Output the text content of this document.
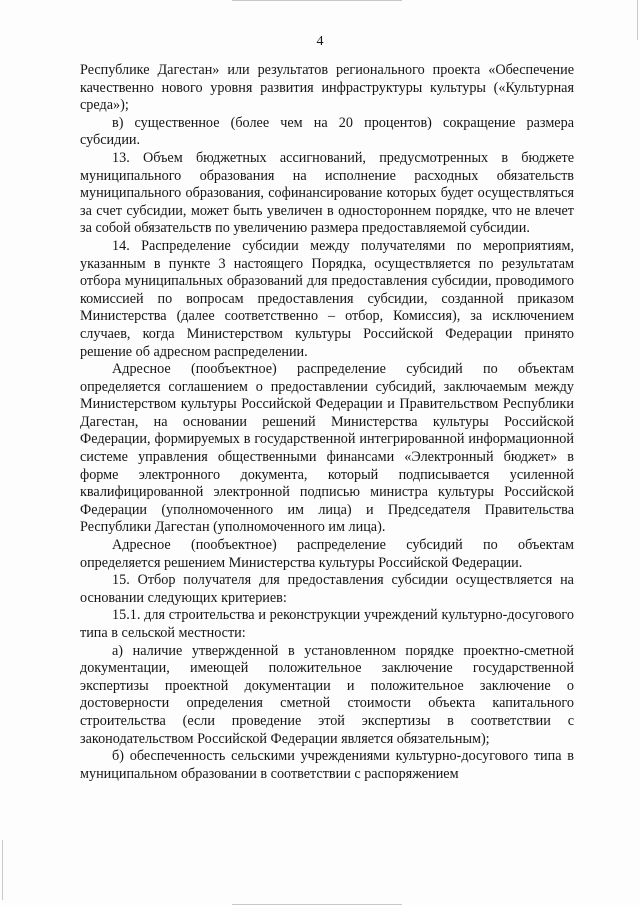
4

Республике Дагестан» или результатов регионального проекта «Обеспечение качественно нового уровня развития инфраструктуры культуры («Культурная среда»);

в) существенное (более чем на 20 процентов) сокращение размера субсидии.

13. Объем бюджетных ассигнований, предусмотренных в бюджете муниципального образования на исполнение расходных обязательств муниципального образования, софинансирование которых будет осуществляться за счет субсидии, может быть увеличен в одностороннем порядке, что не влечет за собой обязательств по увеличению размера предоставляемой субсидии.

14. Распределение субсидии между получателями по мероприятиям, указанным в пункте 3 настоящего Порядка, осуществляется по результатам отбора муниципальных образований для предоставления субсидии, проводимого комиссией по вопросам предоставления субсидии, созданной приказом Министерства (далее соответственно – отбор, Комиссия), за исключением случаев, когда Министерством культуры Российской Федерации принято решение об адресном распределении.

Адресное (пообъектное) распределение субсидий по объектам определяется соглашением о предоставлении субсидий, заключаемым между Министерством культуры Российской Федерации и Правительством Республики Дагестан, на основании решений Министерства культуры Российской Федерации, формируемых в государственной интегрированной информационной системе управления общественными финансами «Электронный бюджет» в форме электронного документа, который подписывается усиленной квалифицированной электронной подписью министра культуры Российской Федерации (уполномоченного им лица) и Председателя Правительства Республики Дагестан (уполномоченного им лица).

Адресное (пообъектное) распределение субсидий по объектам определяется решением Министерства культуры Российской Федерации.

15. Отбор получателя для предоставления субсидии осуществляется на основании следующих критериев:

15.1. для строительства и реконструкции учреждений культурно-досугового типа в сельской местности:

а) наличие утвержденной в установленном порядке проектно-сметной документации, имеющей положительное заключение государственной экспертизы проектной документации и положительное заключение о достоверности определения сметной стоимости объекта капитального строительства (если проведение этой экспертизы в соответствии с законодательством Российской Федерации является обязательным);

б) обеспеченность сельскими учреждениями культурно-досугового типа в муниципальном образовании в соответствии с распоряжением
